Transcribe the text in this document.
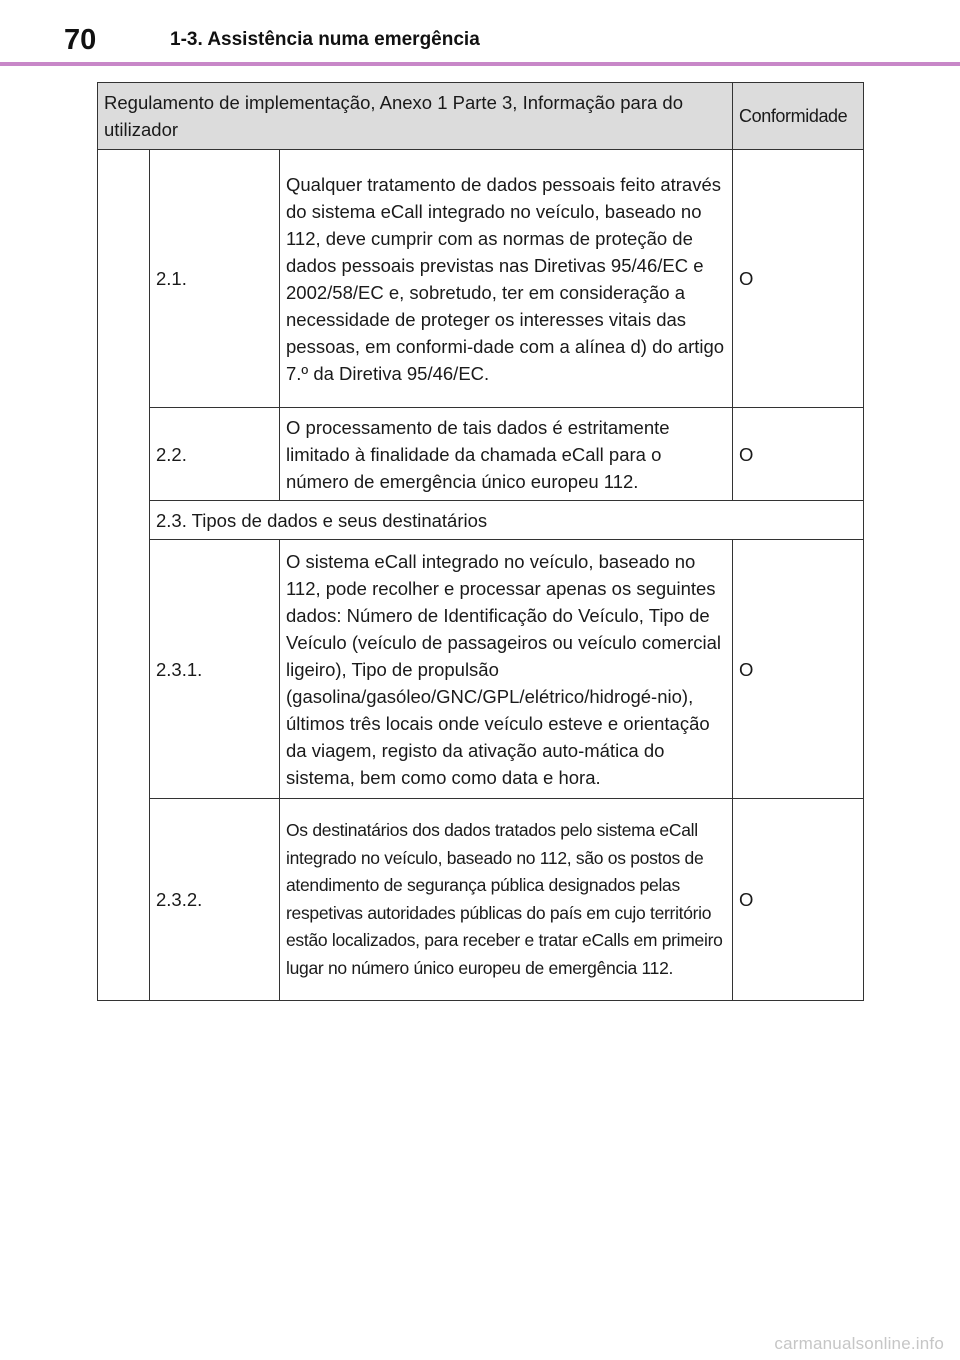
70	1-3. Assistência numa emergência
Regulamento de implementação, Anexo 1 Parte 3, Informação para do utilizador			Conformidade
	2.1.	Qualquer tratamento de dados pessoais feito através do sistema eCall integrado no veículo, baseado no 112, deve cumprir com as normas de proteção de dados pessoais previstas nas Diretivas 95/46/EC e 2002/58/EC e, sobretudo, ter em consideração a necessidade de proteger os interesses vitais das pessoas, em conformi-dade com a alínea d) do artigo 7.º da Diretiva 95/46/EC.	O
	2.2.	O processamento de tais dados é estritamente limitado à finalidade da chamada eCall para o número de emergência único europeu 112.	O
	2.3. Tipos de dados e seus destinatários		
	2.3.1.	O sistema eCall integrado no veículo, baseado no 112, pode recolher e processar apenas os seguintes dados: Número de Identificação do Veículo, Tipo de Veículo (veículo de passageiros ou veículo comercial ligeiro), Tipo de propulsão (gasolina/gasóleo/GNC/GPL/elétrico/hidrogé-nio), últimos três locais onde veículo esteve e orientação da viagem, registo da ativação auto-mática do sistema, bem como como data e hora.	O
	2.3.2.	Os destinatários dos dados tratados pelo sistema eCall integrado no veículo, baseado no 112, são os postos de atendimento de segurança pública designados pelas respetivas autoridades públicas do país em cujo território estão localizados, para receber e tratar eCalls em primeiro lugar no número único europeu de emergência 112.	O
carmanualsonline.info
